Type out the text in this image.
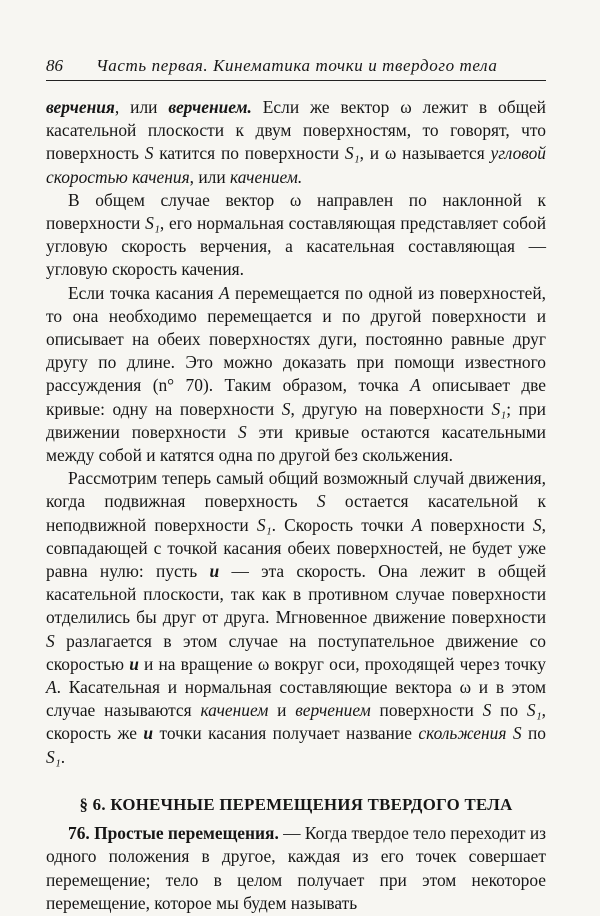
86 Часть первая. Кинематика точки и твердого тела

верчения, или верчением. Если же вектор ω лежит в общей касательной плоскости к двум поверхностям, то говорят, что поверхность S катится по поверхности S₁, и ω называется угловой скоростью качения, или качением.

В общем случае вектор ω направлен по наклонной к поверхности S₁, его нормальная составляющая представляет собой угловую скорость верчения, а касательная составляющая — угловую скорость качения.

Если точка касания A перемещается по одной из поверхностей, то она необходимо перемещается и по другой поверхности и описывает на обеих поверхностях дуги, постоянно равные друг другу по длине. Это можно доказать при помощи известного рассуждения (n° 70). Таким образом, точка A описывает две кривые: одну на поверхности S, другую на поверхности S₁; при движении поверхности S эти кривые остаются касательными между собой и катятся одна по другой без скольжения.

Рассмотрим теперь самый общий возможный случай движения, когда подвижная поверхность S остается касательной к неподвижной поверхности S₁. Скорость точки A поверхности S, совпадающей с точкой касания обеих поверхностей, не будет уже равна нулю: пусть u — эта скорость. Она лежит в общей касательной плоскости, так как в противном случае поверхности отделились бы друг от друга. Мгновенное движение поверхности S разлагается в этом случае на поступательное движение со скоростью u и на вращение ω вокруг оси, проходящей через точку A. Касательная и нормальная составляющие вектора ω и в этом случае называются качением и верчением поверхности S по S₁, скорость же u точки касания получает название скольжения S по S₁.

§ 6. КОНЕЧНЫЕ ПЕРЕМЕЩЕНИЯ ТВЕРДОГО ТЕЛА

76. Простые перемещения. — Когда твердое тело переходит из одного положения в другое, каждая из его точек совершает перемещение; тело в целом получает при этом некоторое перемещение, которое мы будем называть
